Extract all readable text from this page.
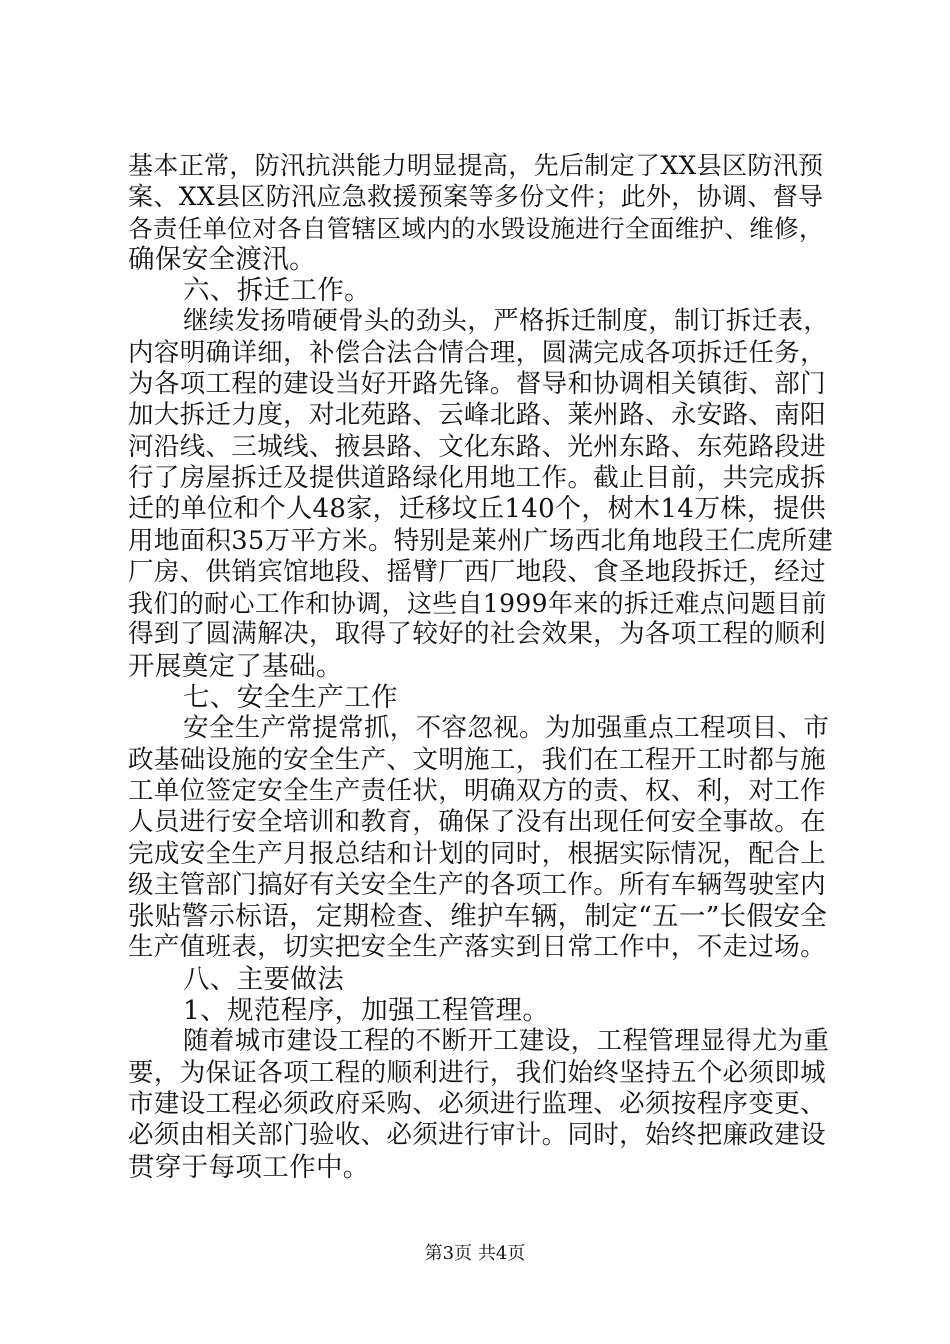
基本正常，防汛抗洪能力明显提高，先后制定了XX县区防汛预
案、XX县区防汛应急救援预案等多份文件；此外，协调、督导
各责任单位对各自管辖区域内的水毁设施进行全面维护、维修，
确保安全渡汛。
六、拆迁工作。
继续发扬啃硬骨头的劲头，严格拆迁制度，制订拆迁表，
内容明确详细，补偿合法合情合理，圆满完成各项拆迁任务，
为各项工程的建设当好开路先锋。督导和协调相关镇街、部门
加大拆迁力度，对北苑路、云峰北路、莱州路、永安路、南阳
河沿线、三城线、掖县路、文化东路、光州东路、东苑路段进
行了房屋拆迁及提供道路绿化用地工作。截止目前，共完成拆
迁的单位和个人48家，迁移坟丘140个，树木14万株，提供
用地面积35万平方米。特别是莱州广场西北角地段王仁虎所建
厂房、供销宾馆地段、摇臂厂西厂地段、食圣地段拆迁，经过
我们的耐心工作和协调，这些自1999年来的拆迁难点问题目前
得到了圆满解决，取得了较好的社会效果，为各项工程的顺利
开展奠定了基础。
七、安全生产工作
安全生产常提常抓，不容忽视。为加强重点工程项目、市
政基础设施的安全生产、文明施工，我们在工程开工时都与施
工单位签定安全生产责任状，明确双方的责、权、利，对工作
人员进行安全培训和教育，确保了没有出现任何安全事故。在
完成安全生产月报总结和计划的同时，根据实际情况，配合上
级主管部门搞好有关安全生产的各项工作。所有车辆驾驶室内
张贴警示标语，定期检查、维护车辆，制定“五一”长假安全
生产值班表，切实把安全生产落实到日常工作中，不走过场。
八、主要做法
1、规范程序，加强工程管理。
随着城市建设工程的不断开工建设，工程管理显得尤为重
要，为保证各项工程的顺利进行，我们始终坚持五个必须即城
市建设工程必须政府采购、必须进行监理、必须按程序变更、
必须由相关部门验收、必须进行审计。同时，始终把廉政建设
贯穿于每项工作中。
第3页 共4页
